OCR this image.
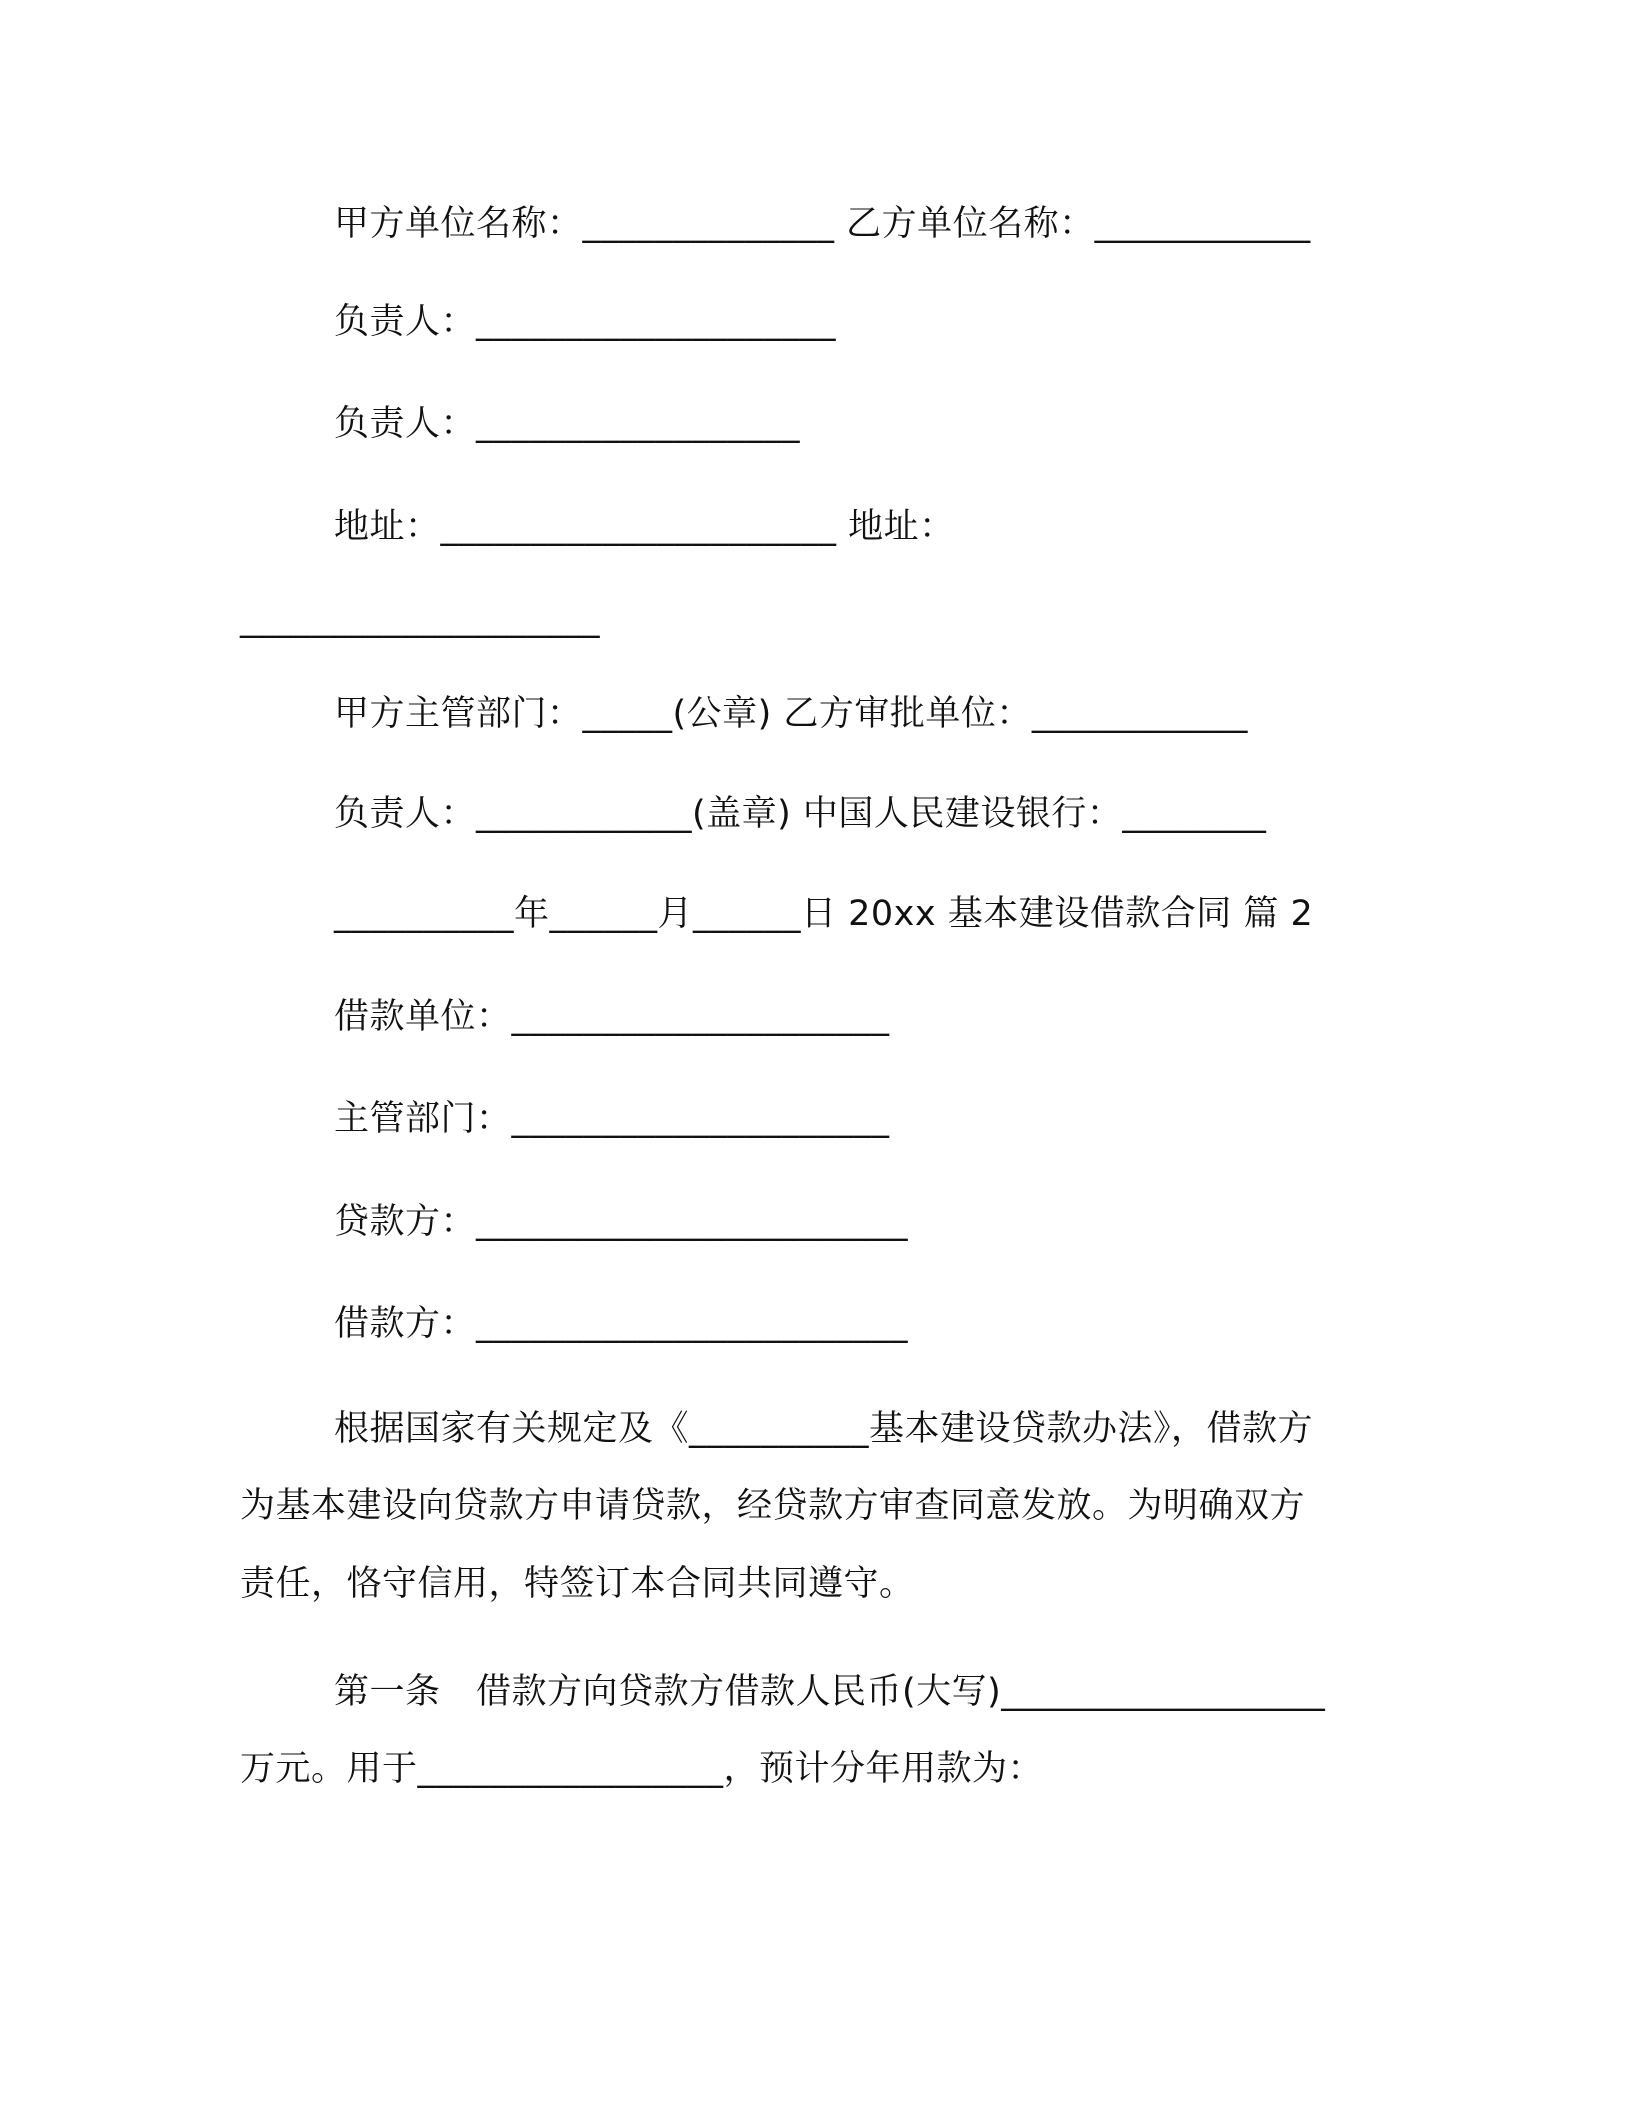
甲方单位名称：______________ 乙方单位名称：____________
负责人：____________________
负责人：__________________
地址：______________________ 地址：
____________________
甲方主管部门：_____(公章) 乙方审批单位：____________
负责人：____________(盖章) 中国人民建设银行：________
__________年______月______日 20xx 基本建设借款合同 篇 2
借款单位：_____________________
主管部门：_____________________
贷款方：________________________
借款方：________________________
根据国家有关规定及《__________基本建设贷款办法》，借款方
为基本建设向贷款方申请贷款，经贷款方审查同意发放。为明确双方
责任，恪守信用，特签订本合同共同遵守。
第一条　借款方向贷款方借款人民币(大写)__________________
万元。用于_________________，预计分年用款为：
